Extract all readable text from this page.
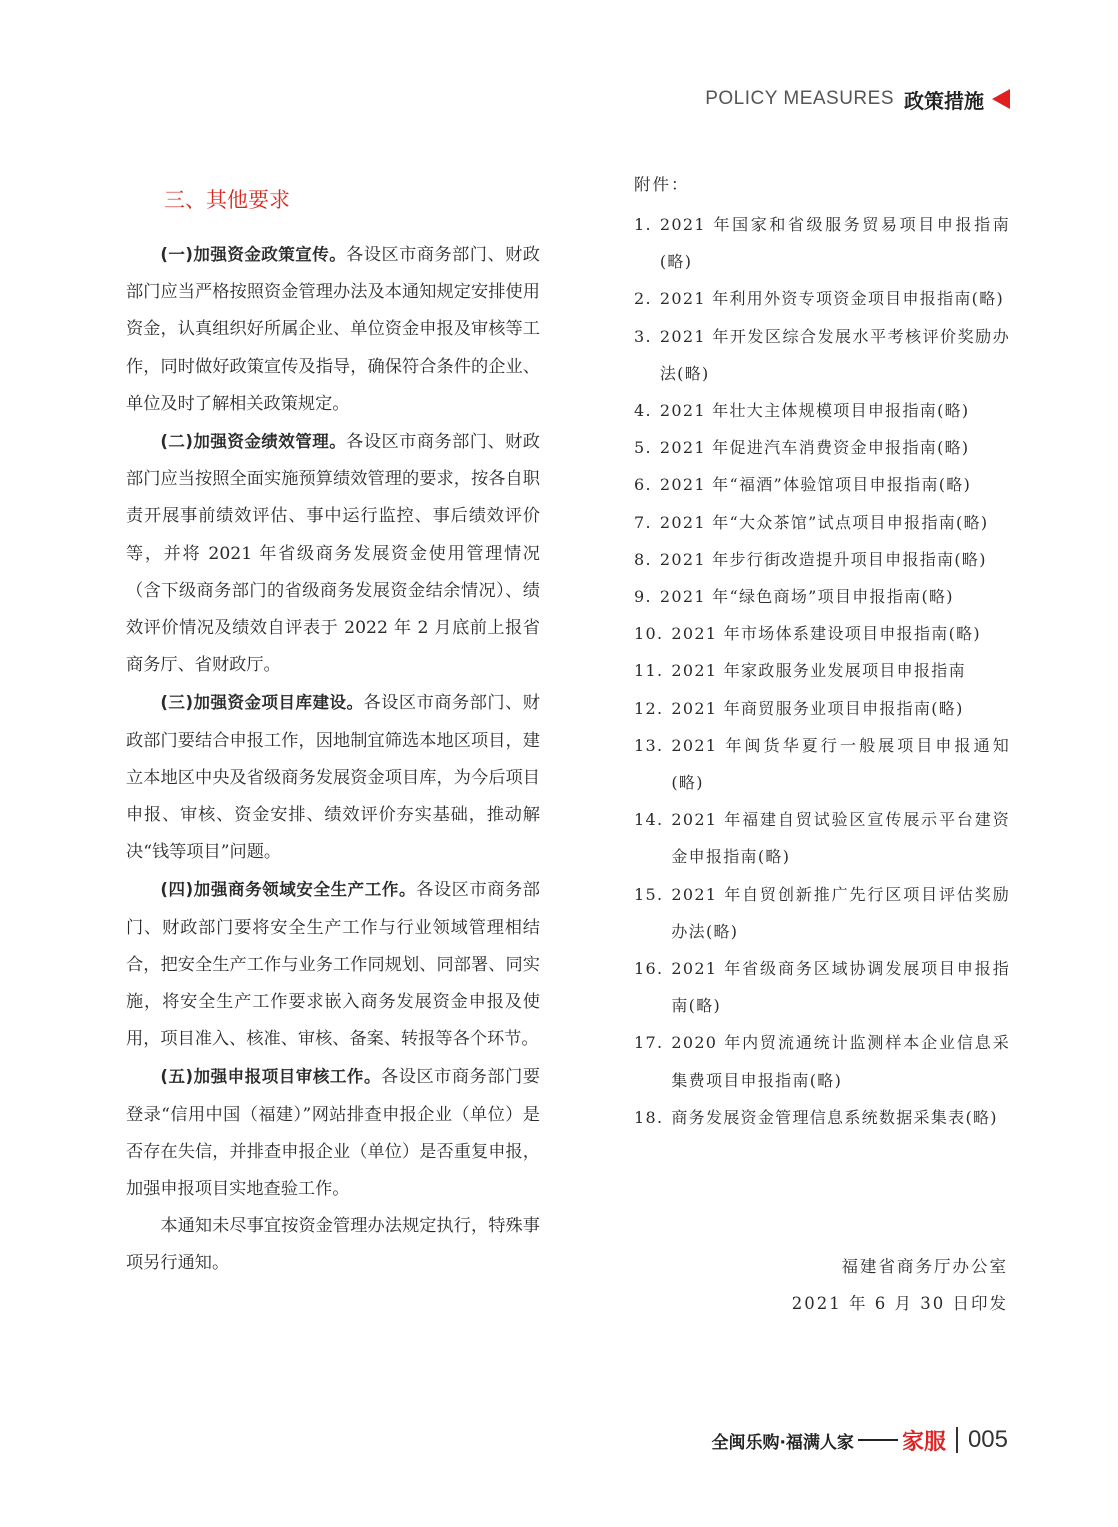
POLICY MEASURES 政策措施
三、其他要求

(一)加强资金政策宣传。各设区市商务部门、财政部门应当严格按照资金管理办法及本通知规定安排使用资金，认真组织好所属企业、单位资金申报及审核等工作，同时做好政策宣传及指导，确保符合条件的企业、单位及时了解相关政策规定。

(二)加强资金绩效管理。各设区市商务部门、财政部门应当按照全面实施预算绩效管理的要求，按各自职责开展事前绩效评估、事中运行监控、事后绩效评价等，并将 2021 年省级商务发展资金使用管理情况（含下级商务部门的省级商务发展资金结余情况）、绩效评价情况及绩效自评表于 2022 年 2 月底前上报省商务厅、省财政厅。

(三)加强资金项目库建设。各设区市商务部门、财政部门要结合申报工作，因地制宜筛选本地区项目，建立本地区中央及省级商务发展资金项目库，为今后项目申报、审核、资金安排、绩效评价夯实基础，推动解决“钱等项目”问题。

(四)加强商务领域安全生产工作。各设区市商务部门、财政部门要将安全生产工作与行业领域管理相结合，把安全生产工作与业务工作同规划、同部署、同实施，将安全生产工作要求嵌入商务发展资金申报及使用，项目准入、核准、审核、备案、转报等各个环节。

(五)加强申报项目审核工作。各设区市商务部门要登录“信用中国（福建）”网站排查申报企业（单位）是否存在失信，并排查申报企业（单位）是否重复申报，加强申报项目实地查验工作。

本通知未尽事宜按资金管理办法规定执行，特殊事项另行通知。

附件：
1. 2021 年国家和省级服务贸易项目申报指南(略)
2. 2021 年利用外资专项资金项目申报指南(略)
3. 2021 年开发区综合发展水平考核评价奖励办法(略)
4. 2021 年壮大主体规模项目申报指南(略)
5. 2021 年促进汽车消费资金申报指南(略)
6. 2021 年“福酒”体验馆项目申报指南(略)
7. 2021 年“大众茶馆”试点项目申报指南(略)
8. 2021 年步行街改造提升项目申报指南(略)
9. 2021 年“绿色商场”项目申报指南(略)
10. 2021 年市场体系建设项目申报指南(略)
11. 2021 年家政服务业发展项目申报指南
12. 2021 年商贸服务业项目申报指南(略)
13. 2021 年闽货华夏行一般展项目申报通知(略)
14. 2021 年福建自贸试验区宣传展示平台建资金申报指南(略)
15. 2021 年自贸创新推广先行区项目评估奖励办法(略)
16. 2021 年省级商务区域协调发展项目申报指南(略)
17. 2020 年内贸流通统计监测样本企业信息采集费项目申报指南(略)
18. 商务发展资金管理信息系统数据采集表(略)
福建省商务厅办公室
2021 年 6 月 30 日印发
全闽乐购·福满人家 家服 005
